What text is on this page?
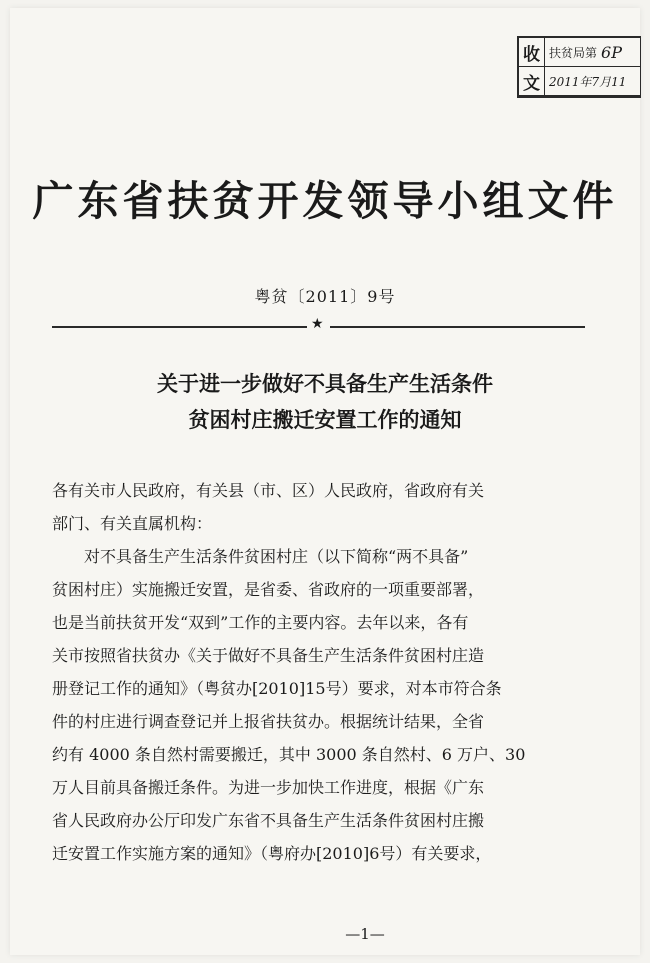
收 扶贫局第 6P
文 2011年7月11
广东省扶贫开发领导小组文件
粤贫〔2011〕9号
★
关于进一步做好不具备生产生活条件
贫困村庄搬迁安置工作的通知
各有关市人民政府，有关县（市、区）人民政府，省政府有关
部门、有关直属机构：
对不具备生产生活条件贫困村庄（以下简称“两不具备”
贫困村庄）实施搬迁安置，是省委、省政府的一项重要部署，
也是当前扶贫开发“双到”工作的主要内容。去年以来，各有
关市按照省扶贫办《关于做好不具备生产生活条件贫困村庄造
册登记工作的通知》（粤贫办[2010]15号）要求，对本市符合条
件的村庄进行调查登记并上报省扶贫办。根据统计结果，全省
约有 4000 条自然村需要搬迁，其中 3000 条自然村、6 万户、30
万人目前具备搬迁条件。为进一步加快工作进度，根据《广东
省人民政府办公厅印发广东省不具备生产生活条件贫困村庄搬
迁安置工作实施方案的通知》（粤府办[2010]6号）有关要求，
—1—
